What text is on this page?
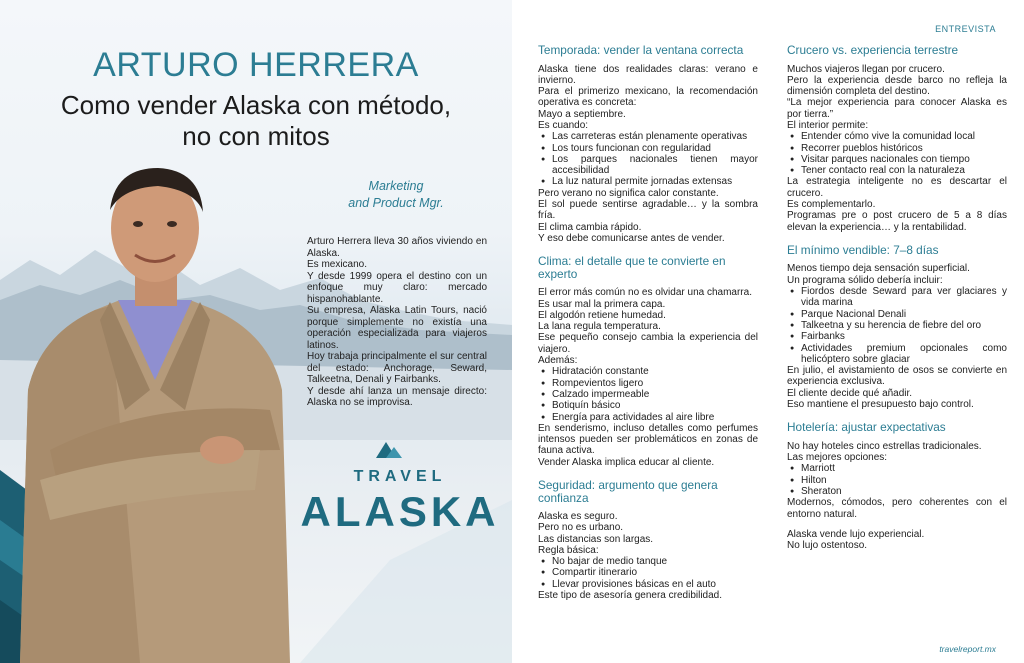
ARTURO HERRERA
Como vender Alaska con método,
no con mitos
Marketing
and Product Mgr.

Arturo Herrera lleva 30 años viviendo en Alaska.

Es mexicano.

Y desde 1999 opera el destino con un enfoque muy claro: mercado hispanohablante.

Su empresa, Alaska Latin Tours, nació porque simplemente no existía una operación especializada para viajeros latinos.

Hoy trabaja principalmente el sur central del estado: Anchorage, Seward, Talkeetna, Denali y Fairbanks.

Y desde ahí lanza un mensaje directo: Alaska no se improvisa.

TRAVEL
ALASKA
ENTREVISTA
Temporada: vender la ventana correcta

Alaska tiene dos realidades claras: verano e invierno.

Para el primerizo mexicano, la recomendación operativa es concreta:

Mayo a septiembre.

Es cuando:

● Las carreteras están plenamente operativas
● Los tours funcionan con regularidad
● Los parques nacionales tienen mayor accesibilidad
● La luz natural permite jornadas extensas

Pero verano no significa calor constante.

El sol puede sentirse agradable… y la sombra fría.

El clima cambia rápido.

Y eso debe comunicarse antes de vender.

Clima: el detalle que te convierte en experto

El error más común no es olvidar una chamarra.

Es usar mal la primera capa.

El algodón retiene humedad.

La lana regula temperatura.

Ese pequeño consejo cambia la experiencia del viajero.

Además:

● Hidratación constante
● Rompevientos ligero
● Calzado impermeable
● Botiquín básico
● Energía para actividades al aire libre

En senderismo, incluso detalles como perfumes intensos pueden ser problemáticos en zonas de fauna activa.

Vender Alaska implica educar al cliente.

Seguridad: argumento que genera confianza

Alaska es seguro.

Pero no es urbano.

Las distancias son largas.

Regla básica:

● No bajar de medio tanque
● Compartir itinerario
● Llevar provisiones básicas en el auto

Este tipo de asesoría genera credibilidad.

Crucero vs. experiencia terrestre

Muchos viajeros llegan por crucero.

Pero la experiencia desde barco no refleja la dimensión completa del destino.

“La mejor experiencia para conocer Alaska es por tierra.”

El interior permite:

● Entender cómo vive la comunidad local
● Recorrer pueblos históricos
● Visitar parques nacionales con tiempo
● Tener contacto real con la naturaleza

La estrategia inteligente no es descartar el crucero.

Es complementarlo.

Programas pre o post crucero de 5 a 8 días elevan la experiencia… y la rentabilidad.

El mínimo vendible: 7–8 días

Menos tiempo deja sensación superficial.

Un programa sólido debería incluir:

● Fiordos desde Seward para ver glaciares y vida marina
● Parque Nacional Denali
● Talkeetna y su herencia de fiebre del oro
● Fairbanks
● Actividades premium opcionales como helicóptero sobre glaciar

En julio, el avistamiento de osos se convierte en experiencia exclusiva.

El cliente decide qué añadir.

Eso mantiene el presupuesto bajo control.

Hotelería: ajustar expectativas

No hay hoteles cinco estrellas tradicionales.

Las mejores opciones:

● Marriott
● Hilton
● Sheraton

Modernos, cómodos, pero coherentes con el entorno natural.

Alaska vende lujo experiencial.

No lujo ostentoso.

travelreport.mx
